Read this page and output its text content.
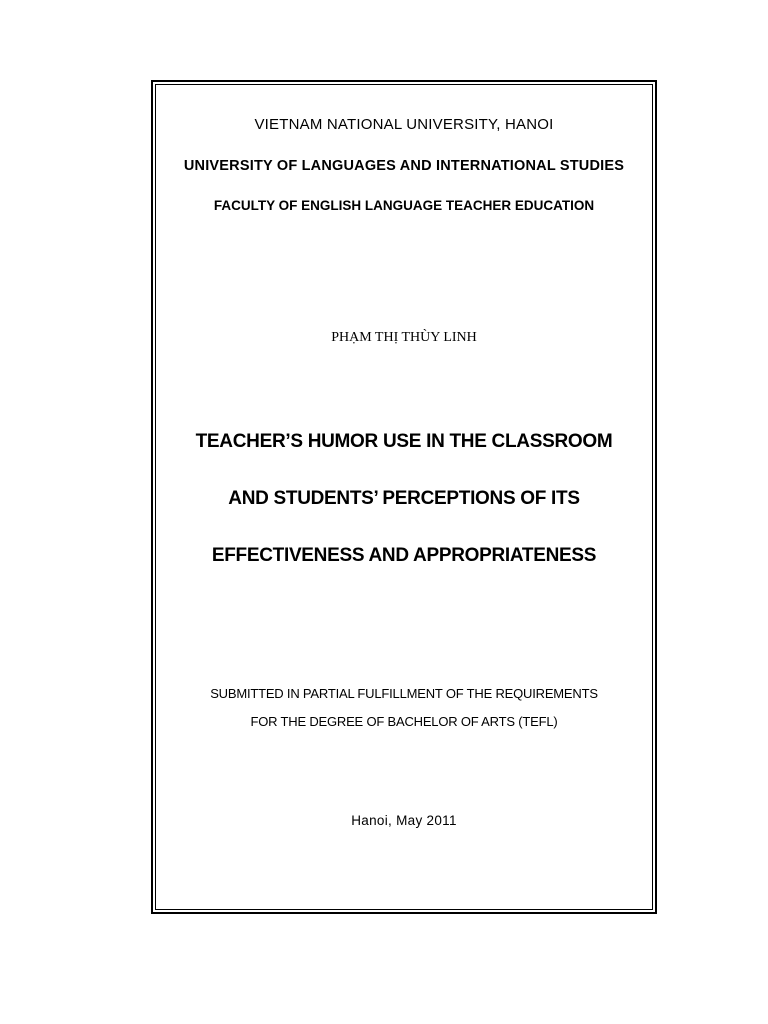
VIETNAM NATIONAL UNIVERSITY, HANOI
UNIVERSITY OF LANGUAGES AND INTERNATIONAL STUDIES
FACULTY OF ENGLISH LANGUAGE TEACHER EDUCATION
PHẠM THỊ THÙY LINH
TEACHER’S HUMOR USE IN THE CLASSROOM
AND STUDENTS’ PERCEPTIONS OF ITS
EFFECTIVENESS AND APPROPRIATENESS
SUBMITTED IN PARTIAL FULFILLMENT OF THE REQUIREMENTS
FOR THE DEGREE OF BACHELOR OF ARTS (TEFL)
Hanoi, May 2011
